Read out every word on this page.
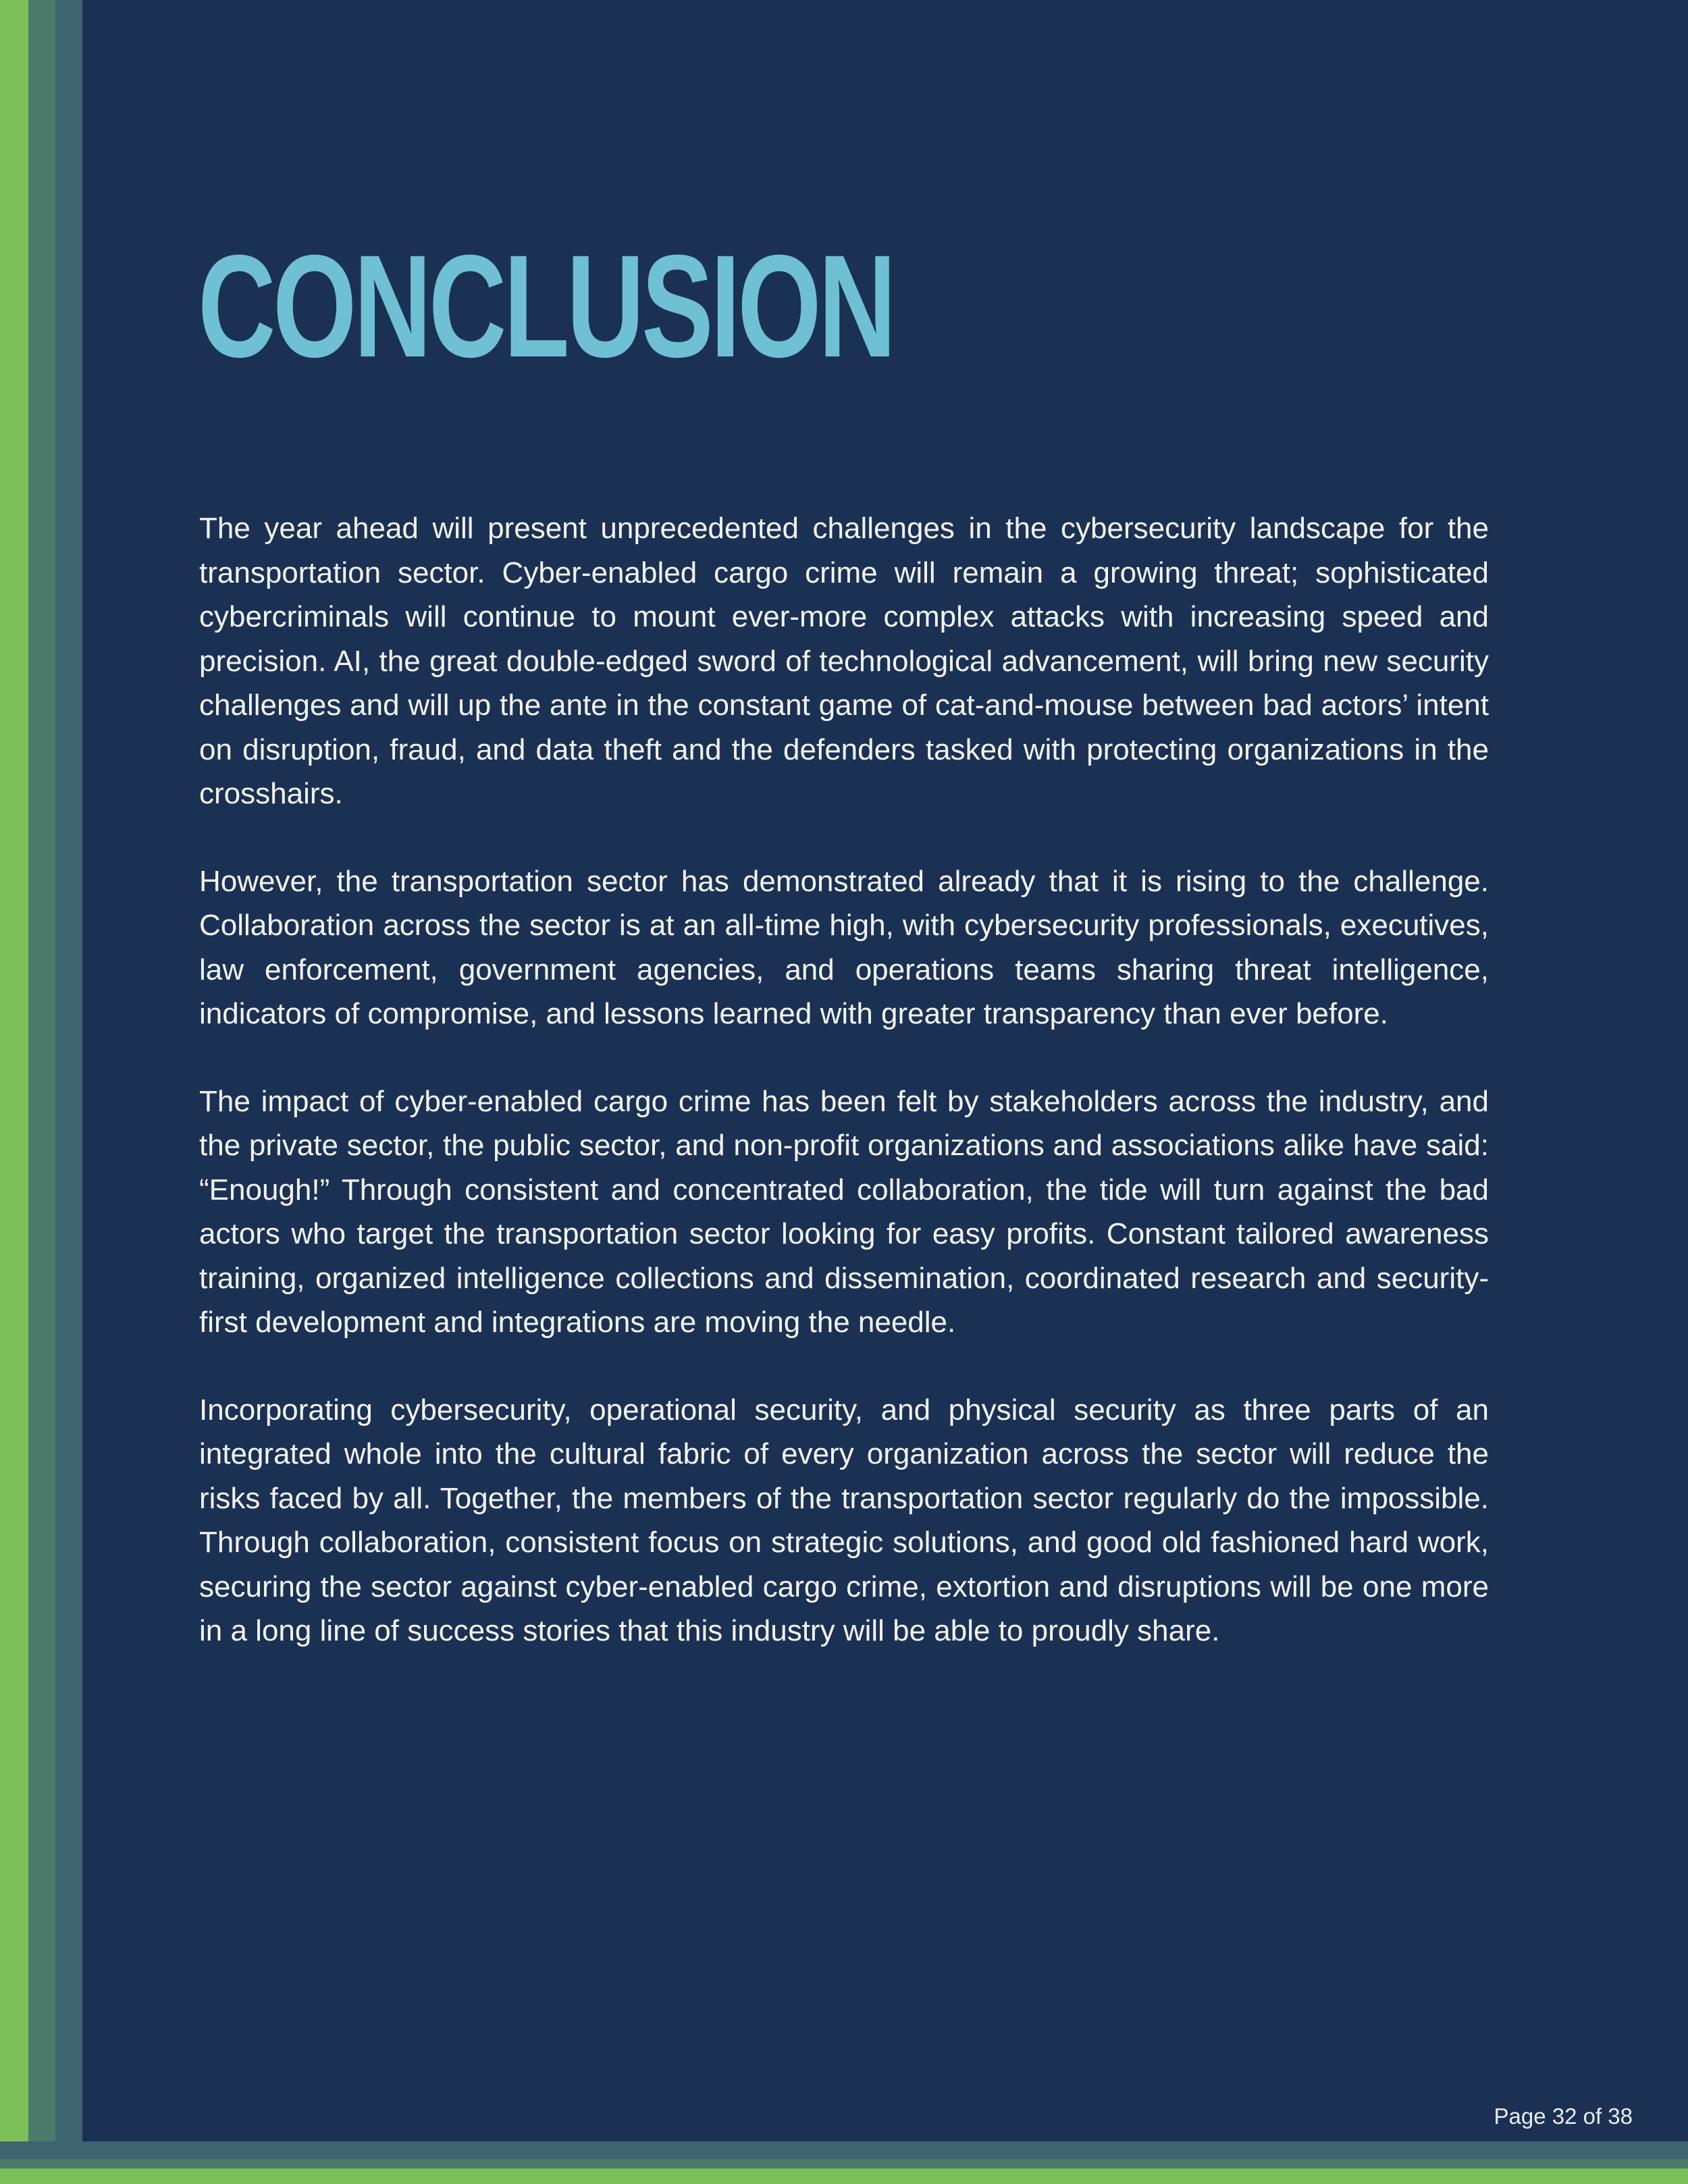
CONCLUSION

The year ahead will present unprecedented challenges in the cybersecurity landscape for the transportation sector. Cyber-enabled cargo crime will remain a growing threat; sophisticated cybercriminals will continue to mount ever-more complex attacks with increasing speed and precision. AI, the great double-edged sword of technological advancement, will bring new security challenges and will up the ante in the constant game of cat-and-mouse between bad actors’ intent on disruption, fraud, and data theft and the defenders tasked with protecting organizations in the crosshairs.

However, the transportation sector has demonstrated already that it is rising to the challenge. Collaboration across the sector is at an all-time high, with cybersecurity professionals, executives, law enforcement, government agencies, and operations teams sharing threat intelligence, indicators of compromise, and lessons learned with greater transparency than ever before.

The impact of cyber-enabled cargo crime has been felt by stakeholders across the industry, and the private sector, the public sector, and non-profit organizations and associations alike have said: “Enough!” Through consistent and concentrated collaboration, the tide will turn against the bad actors who target the transportation sector looking for easy profits. Constant tailored awareness training, organized intelligence collections and dissemination, coordinated research and security-first development and integrations are moving the needle.

Incorporating cybersecurity, operational security, and physical security as three parts of an integrated whole into the cultural fabric of every organization across the sector will reduce the risks faced by all. Together, the members of the transportation sector regularly do the impossible. Through collaboration, consistent focus on strategic solutions, and good old fashioned hard work, securing the sector against cyber-enabled cargo crime, extortion and disruptions will be one more in a long line of success stories that this industry will be able to proudly share.

Page 32 of 38
